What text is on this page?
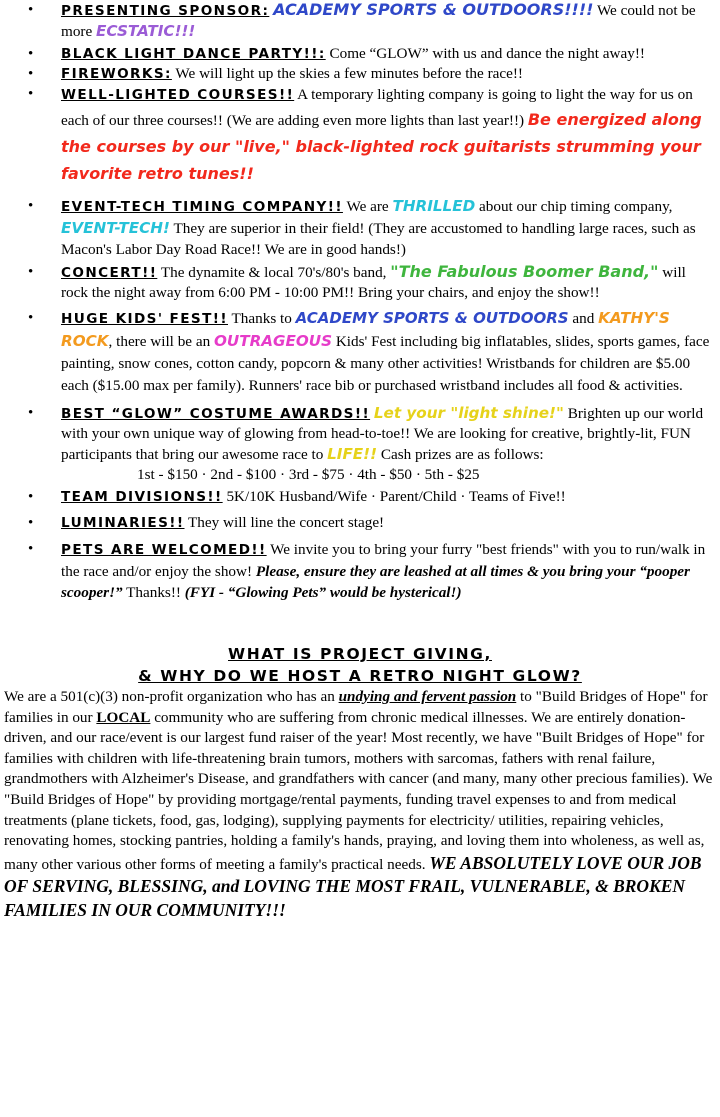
• PRESENTING SPONSOR: ACADEMY SPORTS & OUTDOORS!!!! We could not be more ECSTATIC!!!
• BLACK LIGHT DANCE PARTY!!: Come “GLOW” with us and dance the night away!!
• FIREWORKS: We will light up the skies a few minutes before the race!!
• WELL-LIGHTED COURSES!! A temporary lighting company is going to light the way for us on each of our three courses!! (We are adding even more lights than last year!!) Be energized along the courses by our "live," black-lighted rock guitarists strumming your favorite retro tunes!!
• EVENT-TECH TIMING COMPANY!! We are THRILLED about our chip timing company, EVENT-TECH! They are superior in their field! (They are accustomed to handling large races, such as Macon's Labor Day Road Race!! We are in good hands!)
• CONCERT!! The dynamite & local 70's/80's band, "The Fabulous Boomer Band," will rock the night away from 6:00 PM - 10:00 PM!! Bring your chairs, and enjoy the show!!
• HUGE KIDS' FEST!! Thanks to ACADEMY SPORTS & OUTDOORS and KATHY'S ROCK, there will be an OUTRAGEOUS Kids' Fest including big inflatables, slides, sports games, face painting, snow cones, cotton candy, popcorn & many other activities! Wristbands for children are $5.00 each ($15.00 max per family). Runners' race bib or purchased wristband includes all food & activities.
• BEST “GLOW” COSTUME AWARDS!! Let your "light shine!" Brighten up our world with your own unique way of glowing from head-to-toe!! We are looking for creative, brightly-lit, FUN participants that bring our awesome race to LIFE!! Cash prizes are as follows:
1st - $150 · 2nd - $100 · 3rd - $75 · 4th - $50 · 5th - $25
• TEAM DIVISIONS!! 5K/10K Husband/Wife · Parent/Child · Teams of Five!!
• LUMINARIES!! They will line the concert stage!
• PETS ARE WELCOMED!! We invite you to bring your furry "best friends" with you to run/walk in the race and/or enjoy the show! Please, ensure they are leashed at all times & you bring your “pooper scooper!” Thanks!! (FYI - “Glowing Pets” would be hysterical!)
WHAT IS PROJECT GIVING,
& WHY DO WE HOST A RETRO NIGHT GLOW?
We are a 501(c)(3) non-profit organization who has an undying and fervent passion to "Build Bridges of Hope" for families in our LOCAL community who are suffering from chronic medical illnesses. We are entirely donation-driven, and our race/event is our largest fund raiser of the year! Most recently, we have "Built Bridges of Hope" for families with children with life-threatening brain tumors, mothers with sarcomas, fathers with renal failure, grandmothers with Alzheimer's Disease, and grandfathers with cancer (and many, many other precious families). We "Build Bridges of Hope" by providing mortgage/rental payments, funding travel expenses to and from medical treatments (plane tickets, food, gas, lodging), supplying payments for electricity/ utilities, repairing vehicles, renovating homes, stocking pantries, holding a family's hands, praying, and loving them into wholeness, as well as, many other various other forms of meeting a family's practical needs. WE ABSOLUTELY LOVE OUR JOB OF SERVING, BLESSING, and LOVING THE MOST FRAIL, VULNERABLE, & BROKEN FAMILIES IN OUR COMMUNITY!!!
